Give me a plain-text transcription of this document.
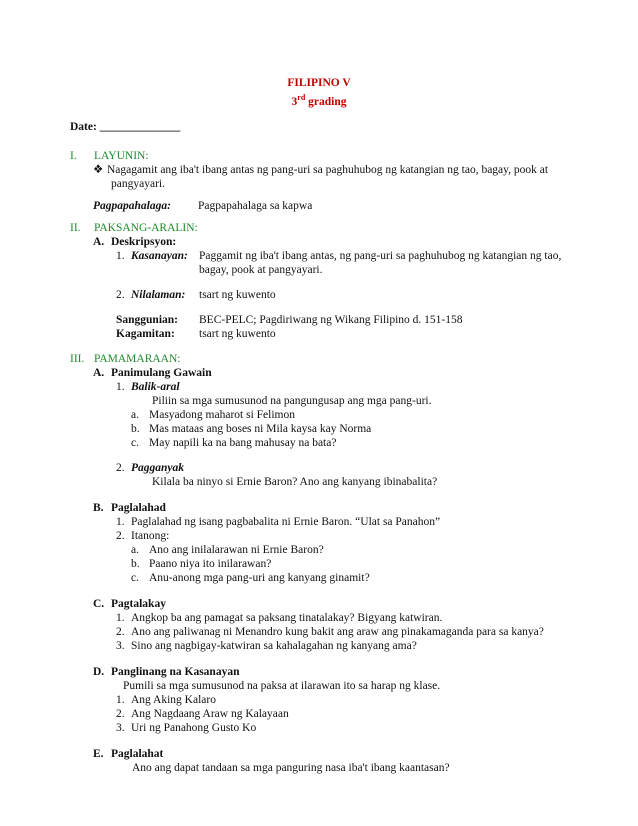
FILIPINO V
3rd grading
Date: ______________
I. LAYUNIN:
❖ Nagagamit ang iba't ibang antas ng pang-uri sa paghuhubog ng katangian ng tao, bagay, pook at
pangyayari.
Pagpapahalaga: Pagpapahalaga sa kapwa
II. PAKSANG-ARALIN:
A. Deskripsyon:
1. Kasanayan: Paggamit ng iba't ibang antas, ng pang-uri sa paghuhubog ng katangian ng tao,
bagay, pook at pangyayari.
2. Nilalaman: tsart ng kuwento
Sanggunian: BEC-PELC; Pagdiriwang ng Wikang Filipino d. 151-158
Kagamitan: tsart ng kuwento
III. PAMAMARAAN:
A. Panimulang Gawain
1. Balik-aral
Piliin sa mga sumusunod na pangungusap ang mga pang-uri.
a. Masyadong maharot si Felimon
b. Mas mataas ang boses ni Mila kaysa kay Norma
c. May napili ka na bang mahusay na bata?
2. Pagganyak
Kilala ba ninyo si Ernie Baron? Ano ang kanyang ibinabalita?
B. Paglalahad
1. Paglalahad ng isang pagbabalita ni Ernie Baron. “Ulat sa Panahon”
2. Itanong:
a. Ano ang inilalarawan ni Ernie Baron?
b. Paano niya ito inilarawan?
c. Anu-anong mga pang-uri ang kanyang ginamit?
C. Pagtalakay
1. Angkop ba ang pamagat sa paksang tinatalakay? Bigyang katwiran.
2. Ano ang paliwanag ni Menandro kung bakit ang araw ang pinakamaganda para sa kanya?
3. Sino ang nagbigay-katwiran sa kahalagahan ng kanyang ama?
D. Panglinang na Kasanayan
Pumili sa mga sumusunod na paksa at ilarawan ito sa harap ng klase.
1. Ang Aking Kalaro
2. Ang Nagdaang Araw ng Kalayaan
3. Uri ng Panahong Gusto Ko
E. Paglalahat
Ano ang dapat tandaan sa mga panguring nasa iba't ibang kaantasan?
